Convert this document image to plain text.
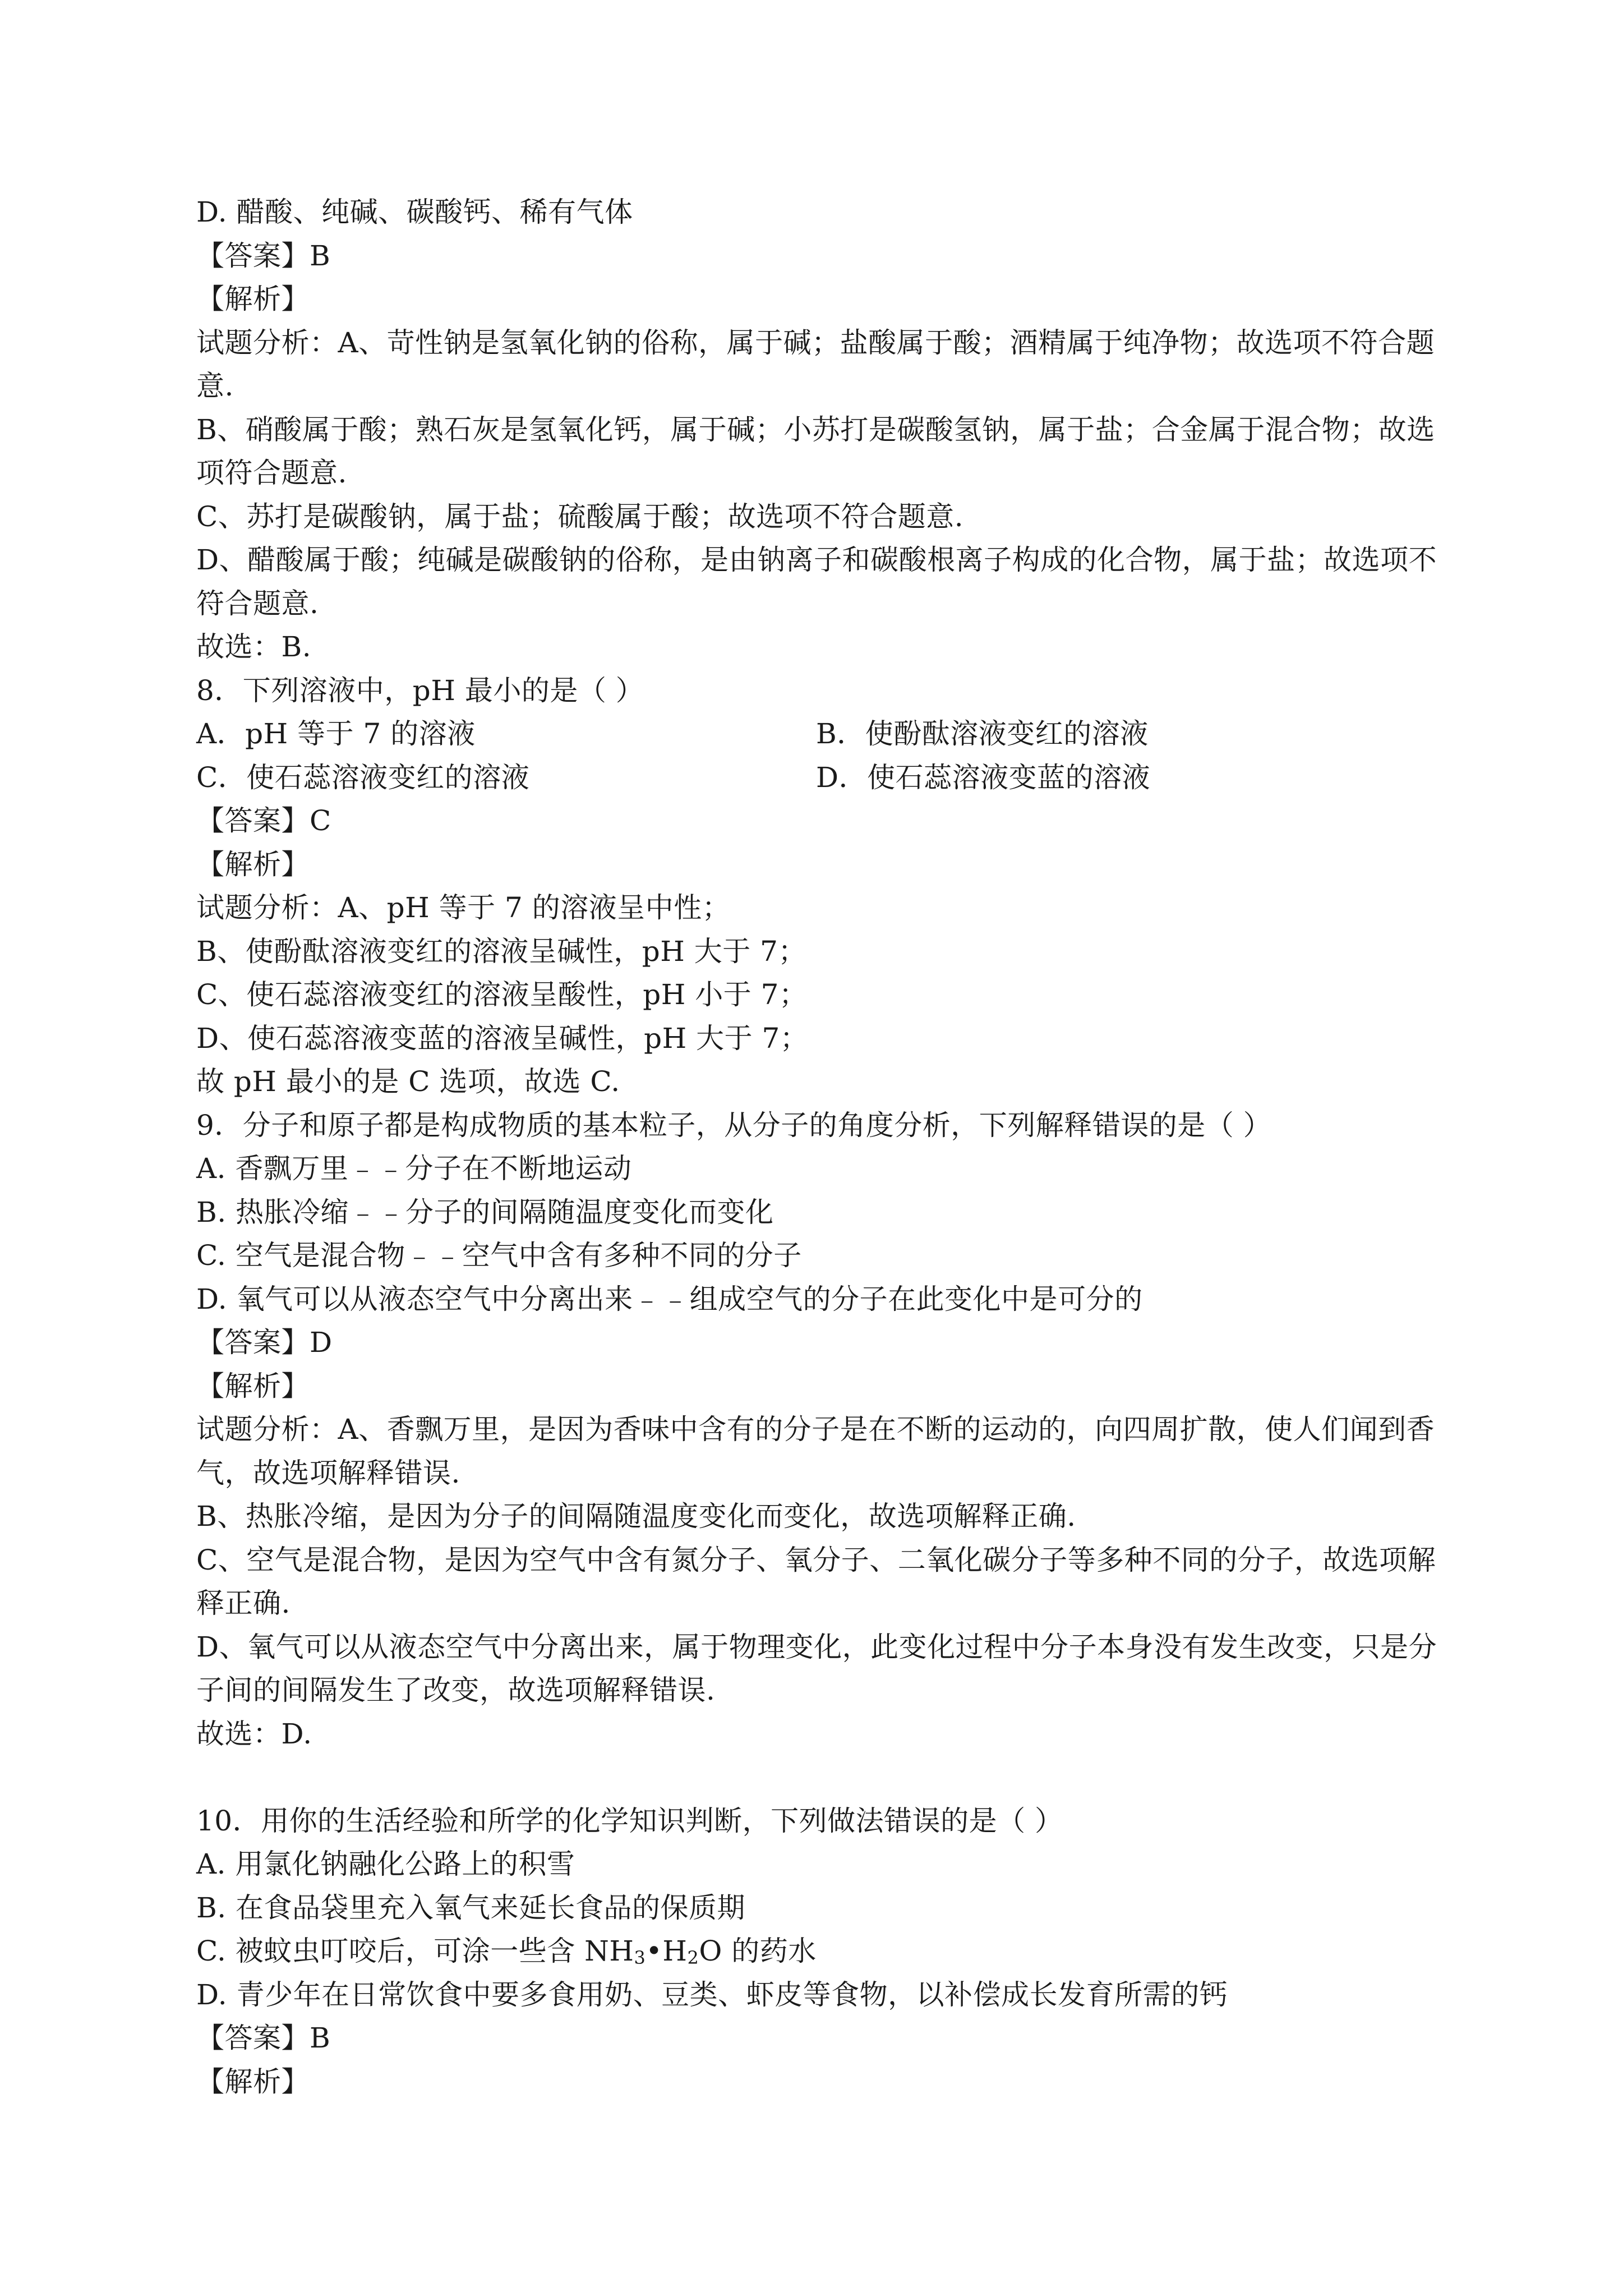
D. 醋酸、纯碱、碳酸钙、稀有气体
【答案】B
【解析】
试题分析：A、苛性钠是氢氧化钠的俗称，属于碱；盐酸属于酸；酒精属于纯净物；故选项不符合题意.
B、硝酸属于酸；熟石灰是氢氧化钙，属于碱；小苏打是碳酸氢钠，属于盐；合金属于混合物；故选项符合题意.
C、苏打是碳酸钠，属于盐；硫酸属于酸；故选项不符合题意.
D、醋酸属于酸；纯碱是碳酸钠的俗称，是由钠离子和碳酸根离子构成的化合物，属于盐；故选项不符合题意.
故选：B.
8．下列溶液中，pH 最小的是（ ）
A．pH 等于 7 的溶液	B．使酚酞溶液变红的溶液
C．使石蕊溶液变红的溶液	D．使石蕊溶液变蓝的溶液
【答案】C
【解析】
试题分析：A、pH 等于 7 的溶液呈中性；
B、使酚酞溶液变红的溶液呈碱性，pH 大于 7；
C、使石蕊溶液变红的溶液呈酸性，pH 小于 7；
D、使石蕊溶液变蓝的溶液呈碱性，pH 大于 7；
故 pH 最小的是 C 选项，故选 C.
9．分子和原子都是构成物质的基本粒子，从分子的角度分析，下列解释错误的是（ ）
A. 香飘万里﹣﹣分子在不断地运动
B. 热胀冷缩﹣﹣分子的间隔随温度变化而变化
C. 空气是混合物﹣﹣空气中含有多种不同的分子
D. 氧气可以从液态空气中分离出来﹣﹣组成空气的分子在此变化中是可分的
【答案】D
【解析】
试题分析：A、香飘万里，是因为香味中含有的分子是在不断的运动的，向四周扩散，使人们闻到香气，故选项解释错误.
B、热胀冷缩，是因为分子的间隔随温度变化而变化，故选项解释正确.
C、空气是混合物，是因为空气中含有氮分子、氧分子、二氧化碳分子等多种不同的分子，故选项解释正确.
D、氧气可以从液态空气中分离出来，属于物理变化，此变化过程中分子本身没有发生改变，只是分子间的间隔发生了改变，故选项解释错误.
故选：D.
10．用你的生活经验和所学的化学知识判断，下列做法错误的是（ ）
A. 用氯化钠融化公路上的积雪
B. 在食品袋里充入氧气来延长食品的保质期
C. 被蚊虫叮咬后，可涂一些含 $NH_3•H_2O$ 的药水
D. 青少年在日常饮食中要多食用奶、豆类、虾皮等食物，以补偿成长发育所需的钙
【答案】B
【解析】
